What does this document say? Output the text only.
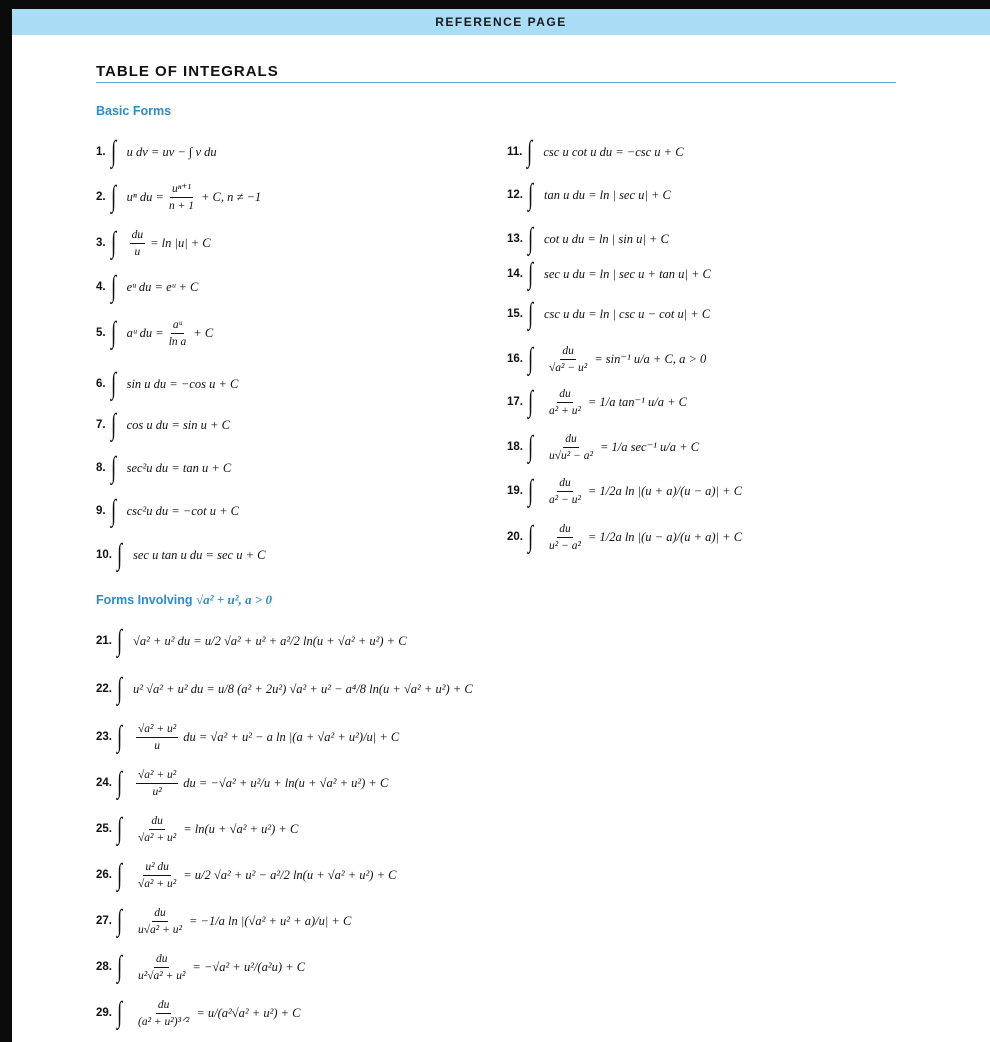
REFERENCE PAGE
TABLE OF INTEGRALS
Basic Forms
Forms Involving √a² + u², a > 0
1. ∫ u dv = uv − ∫ v du
2. ∫ uⁿ du = $\frac{\text{uⁿ⁺¹}}{n + 1} + C$, n ≠ −1
3. ∫	$\frac{du}{u} = \ln |u| + C$
4. ∫ eᵘ du = eᵘ + C
5. ∫ aᵘ du = $\frac{\text{aᵘ}}{\text{ln a}} + C$
6. ∫ sin u du = −cos u + C
7. ∫ cos u du = sin u + C
8. ∫ sec²u du = tan u + C
9. ∫ csc²u du = −cot u + C
10. ∫ sec u tan u du = sec u + C
11. ∫ csc u cot u du = −csc u + C
12. ∫ tan u du = ln | sec u| + C
13. ∫ cot u du = ln | sin u| + C
14. ∫ sec u du = ln | sec u + tan u| + C
15. ∫ csc u du = ln | csc u − cot u| + C
16. ∫	$\frac{du}{\text{√a² − u²}} = \sin^{-1}$ u/a + C, a > 0
17. ∫	$\frac{du}{\text{a² + u²}} = 1/a$ tan⁻¹ u/a + C
18. ∫	$\frac{du}{\text{u√u² − a²}} = 1/a$ sec⁻¹ u/a + C
19. ∫	$\frac{du}{\text{a² − u²}} = 1/2a$ ln |(u + a)/(u − a)| + C
20. ∫	$\frac{du}{\text{u² − a²}} = 1/2a$ ln |(u − a)/(u + a)| + C
21. ∫ √a² + u² du = u/2 √a² + u² + a²/2 ln(u + √a² + u²) + C
22. ∫ u² √a² + u² du = u/8 (a² + 2u²) √a² + u² − a⁴/8 ln(u + √a² + u²) + C
23. ∫	$\frac{\text{√a² + u²}}{u}$ du = √a² + u² − a ln |(a + √a² + u²)/u| + C
24. ∫	$\frac{\text{√a² + u²}}{\text{u²}}$ du = −√a² + u²/u + ln(u + √a² + u²) + C
25. ∫	$\frac{du}{\text{√a² + u²}} = \ln(u + √a^2 + u^2) + C$
26. ∫	$\frac{\text{u² du}}{\text{√a² + u²}} = u/2$ √a² + u² − a²/2 ln(u + √a² + u²) + C
27. ∫	$\frac{du}{\text{u√a² + u²}} = -1/a$ ln |(√a² + u² + a)/u| + C
28. ∫	$\frac{du}{\text{u²√a² + u²}} = -√a^2 + u^2/(a^2u) + C$
29. ∫	$\frac{du}{\text{(a² + u²)³ᐟ²}} = u/(a^2√a^2 + u^2) + C$
